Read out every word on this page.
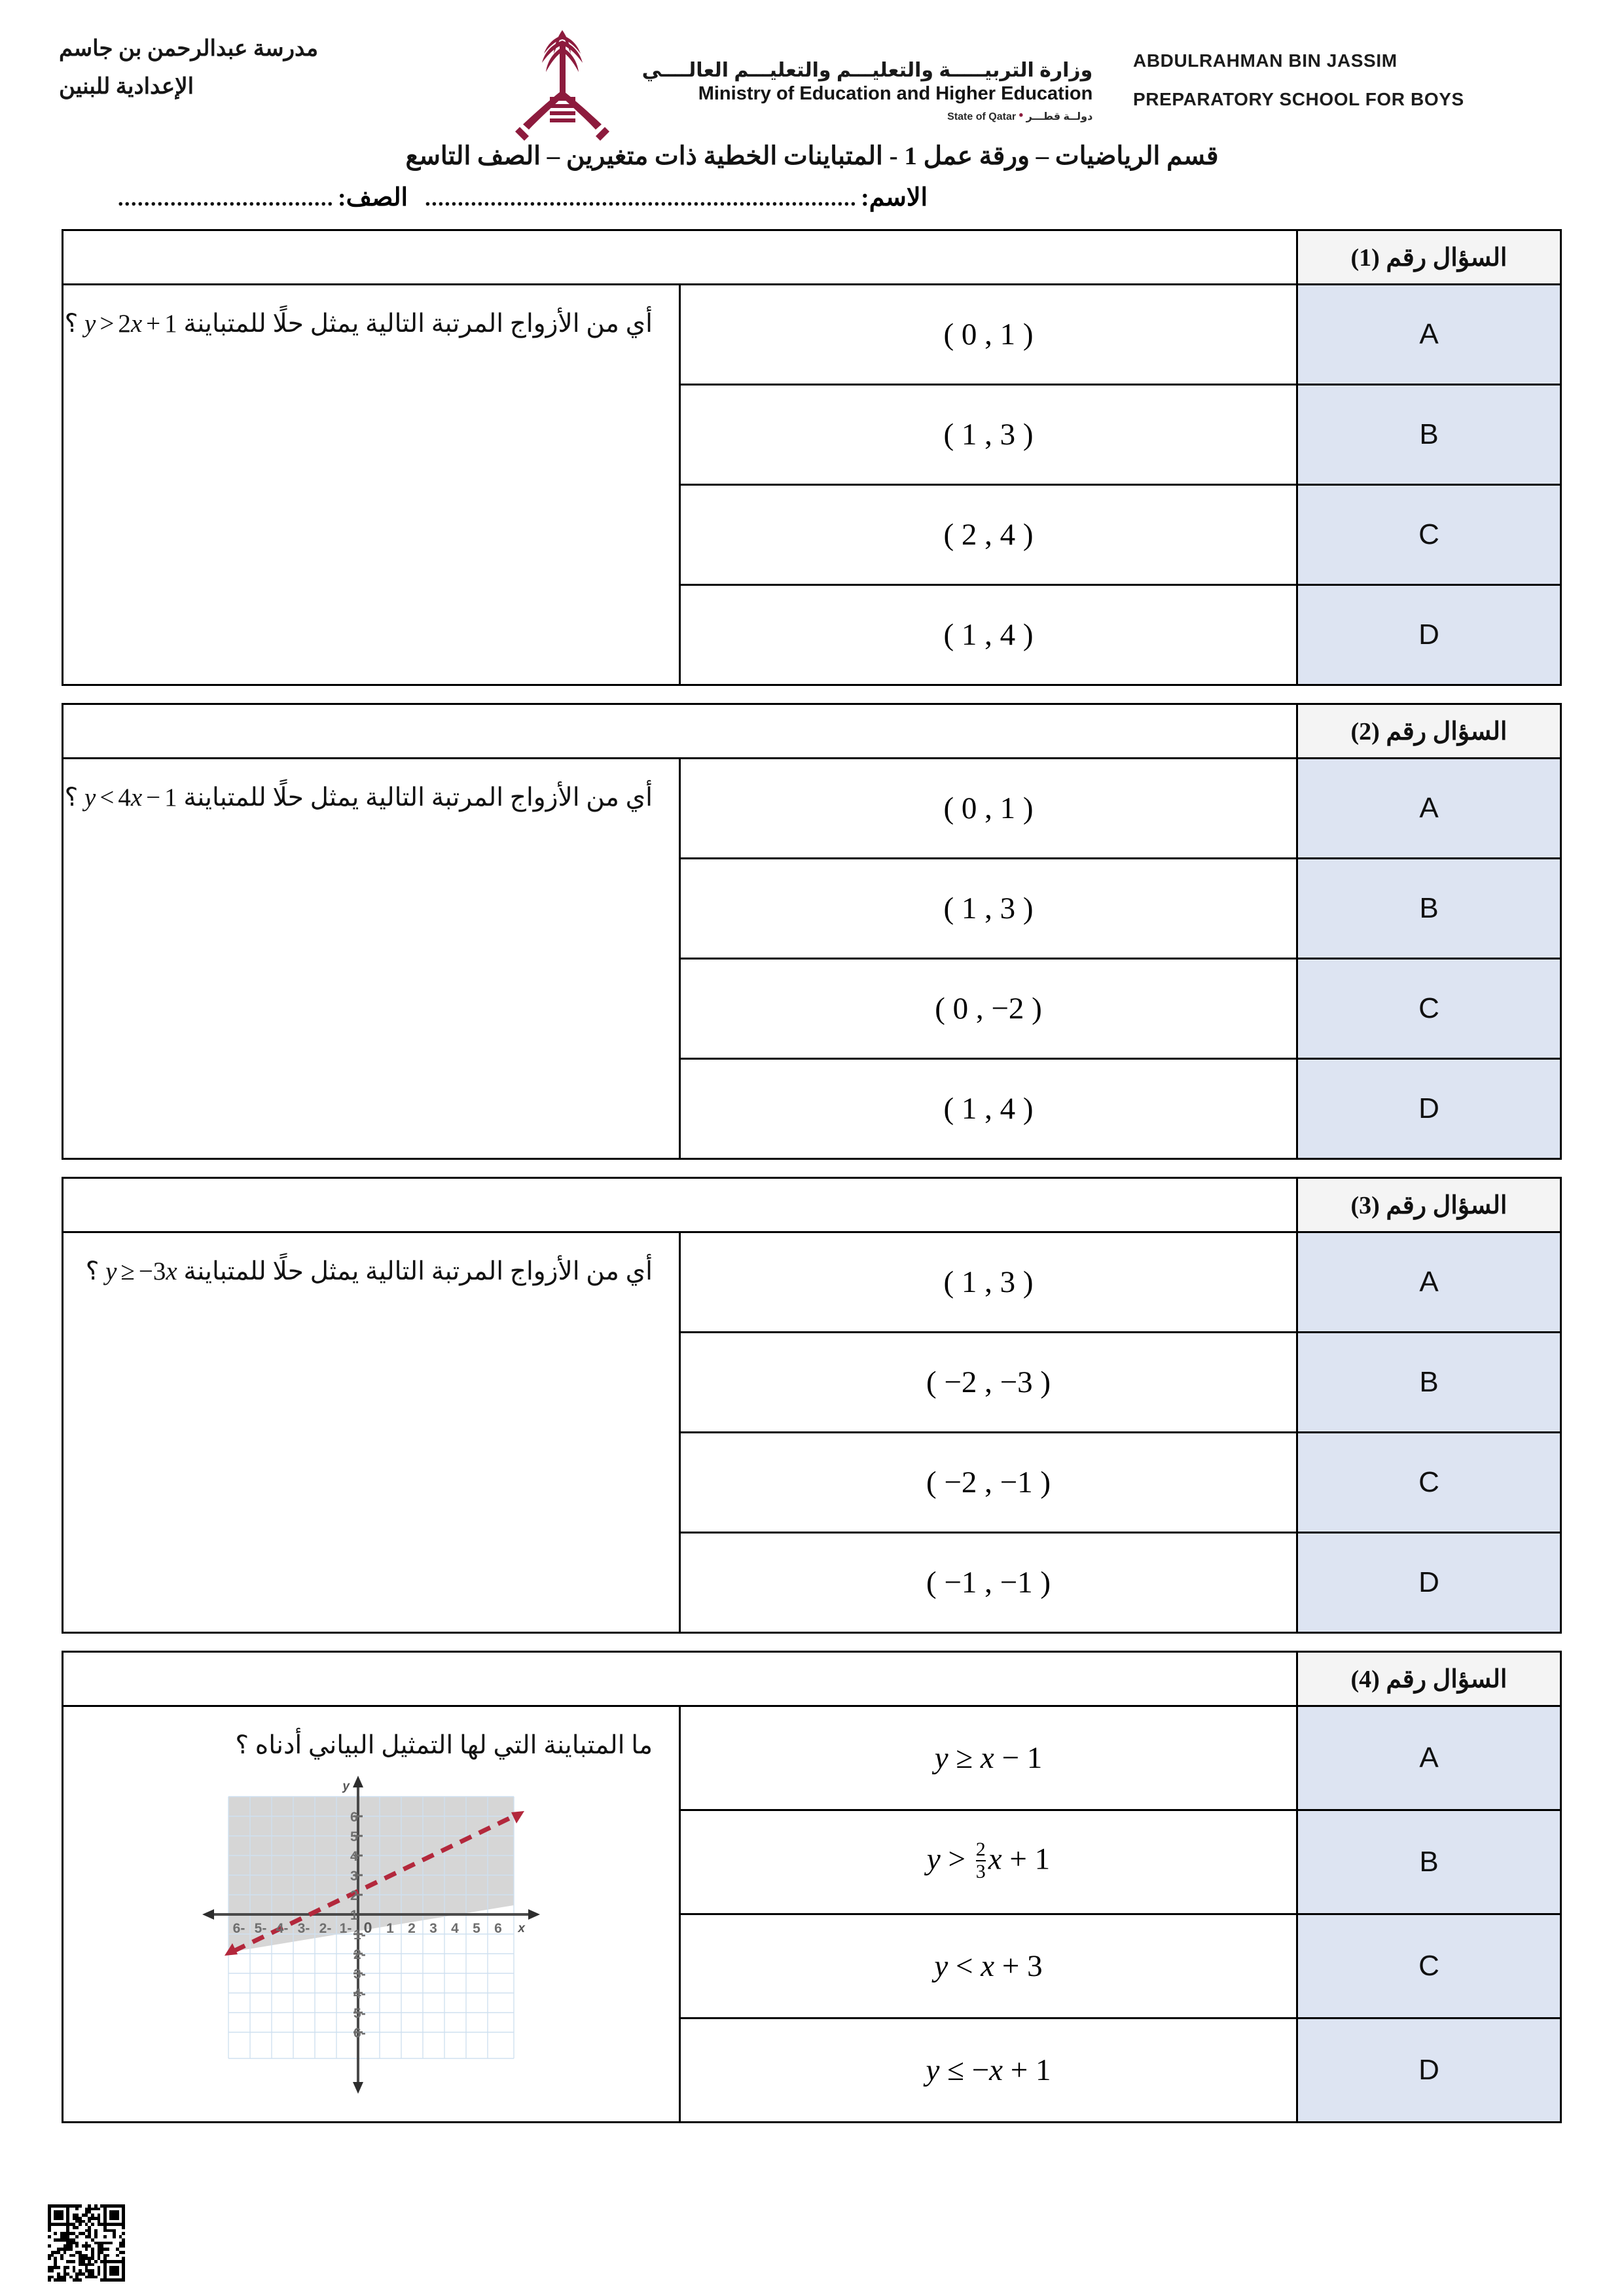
مدرسة عبدالرحمن بن جاسم
الإعدادية للبنين
وزارة التربيـــــة والتعليـــم والتعليـــم العالــــي
Ministry of Education and Higher Education
State of Qatar • دولــة قطـــر
ABDULRAHMAN BIN JASSIM
PREPARATORY SCHOOL FOR BOYS
قسم الرياضيات – ورقة عمل 1 - المتباينات الخطية ذات متغيرين – الصف التاسع
الاسم:
..................................................................
الصف:
.................................
السؤال رقم (1)		
A	( 0 , 1 )	أي من الأزواج المرتبة التالية يمثل حلًا للمتباينة y > 2x + 1 ؟

B	( 1 , 3 )	
C	( 2 , 4 )	
D	( 1 , 4 )	
السؤال رقم (2)		
A	( 0 , 1 )	أي من الأزواج المرتبة التالية يمثل حلًا للمتباينة y < 4x − 1 ؟

B	( 1 , 3 )	
C	( 0 , −2 )	
D	( 1 , 4 )	
السؤال رقم (3)		
A	( 1 , 3 )	أي من الأزواج المرتبة التالية يمثل حلًا للمتباينة y ≥ −3x ؟

B	( −2 , −3 )	
C	( −2 , −1 )	
D	( −1 , −1 )	
السؤال رقم (4)		
A	y ≥ x − 1	
ما المتباينة التي لها التمثيل البياني أدناه ؟
y
x
-6 -5 -4 -3 -2 -1	1 2 3 4 5 6
0
6
5
4
3
2
1
-1
-2
-3
-4
-5
-6

B	$y > \frac{2}{3}$ x + 1	
C	y < x + 3	
D	y ≤ −x + 1	
